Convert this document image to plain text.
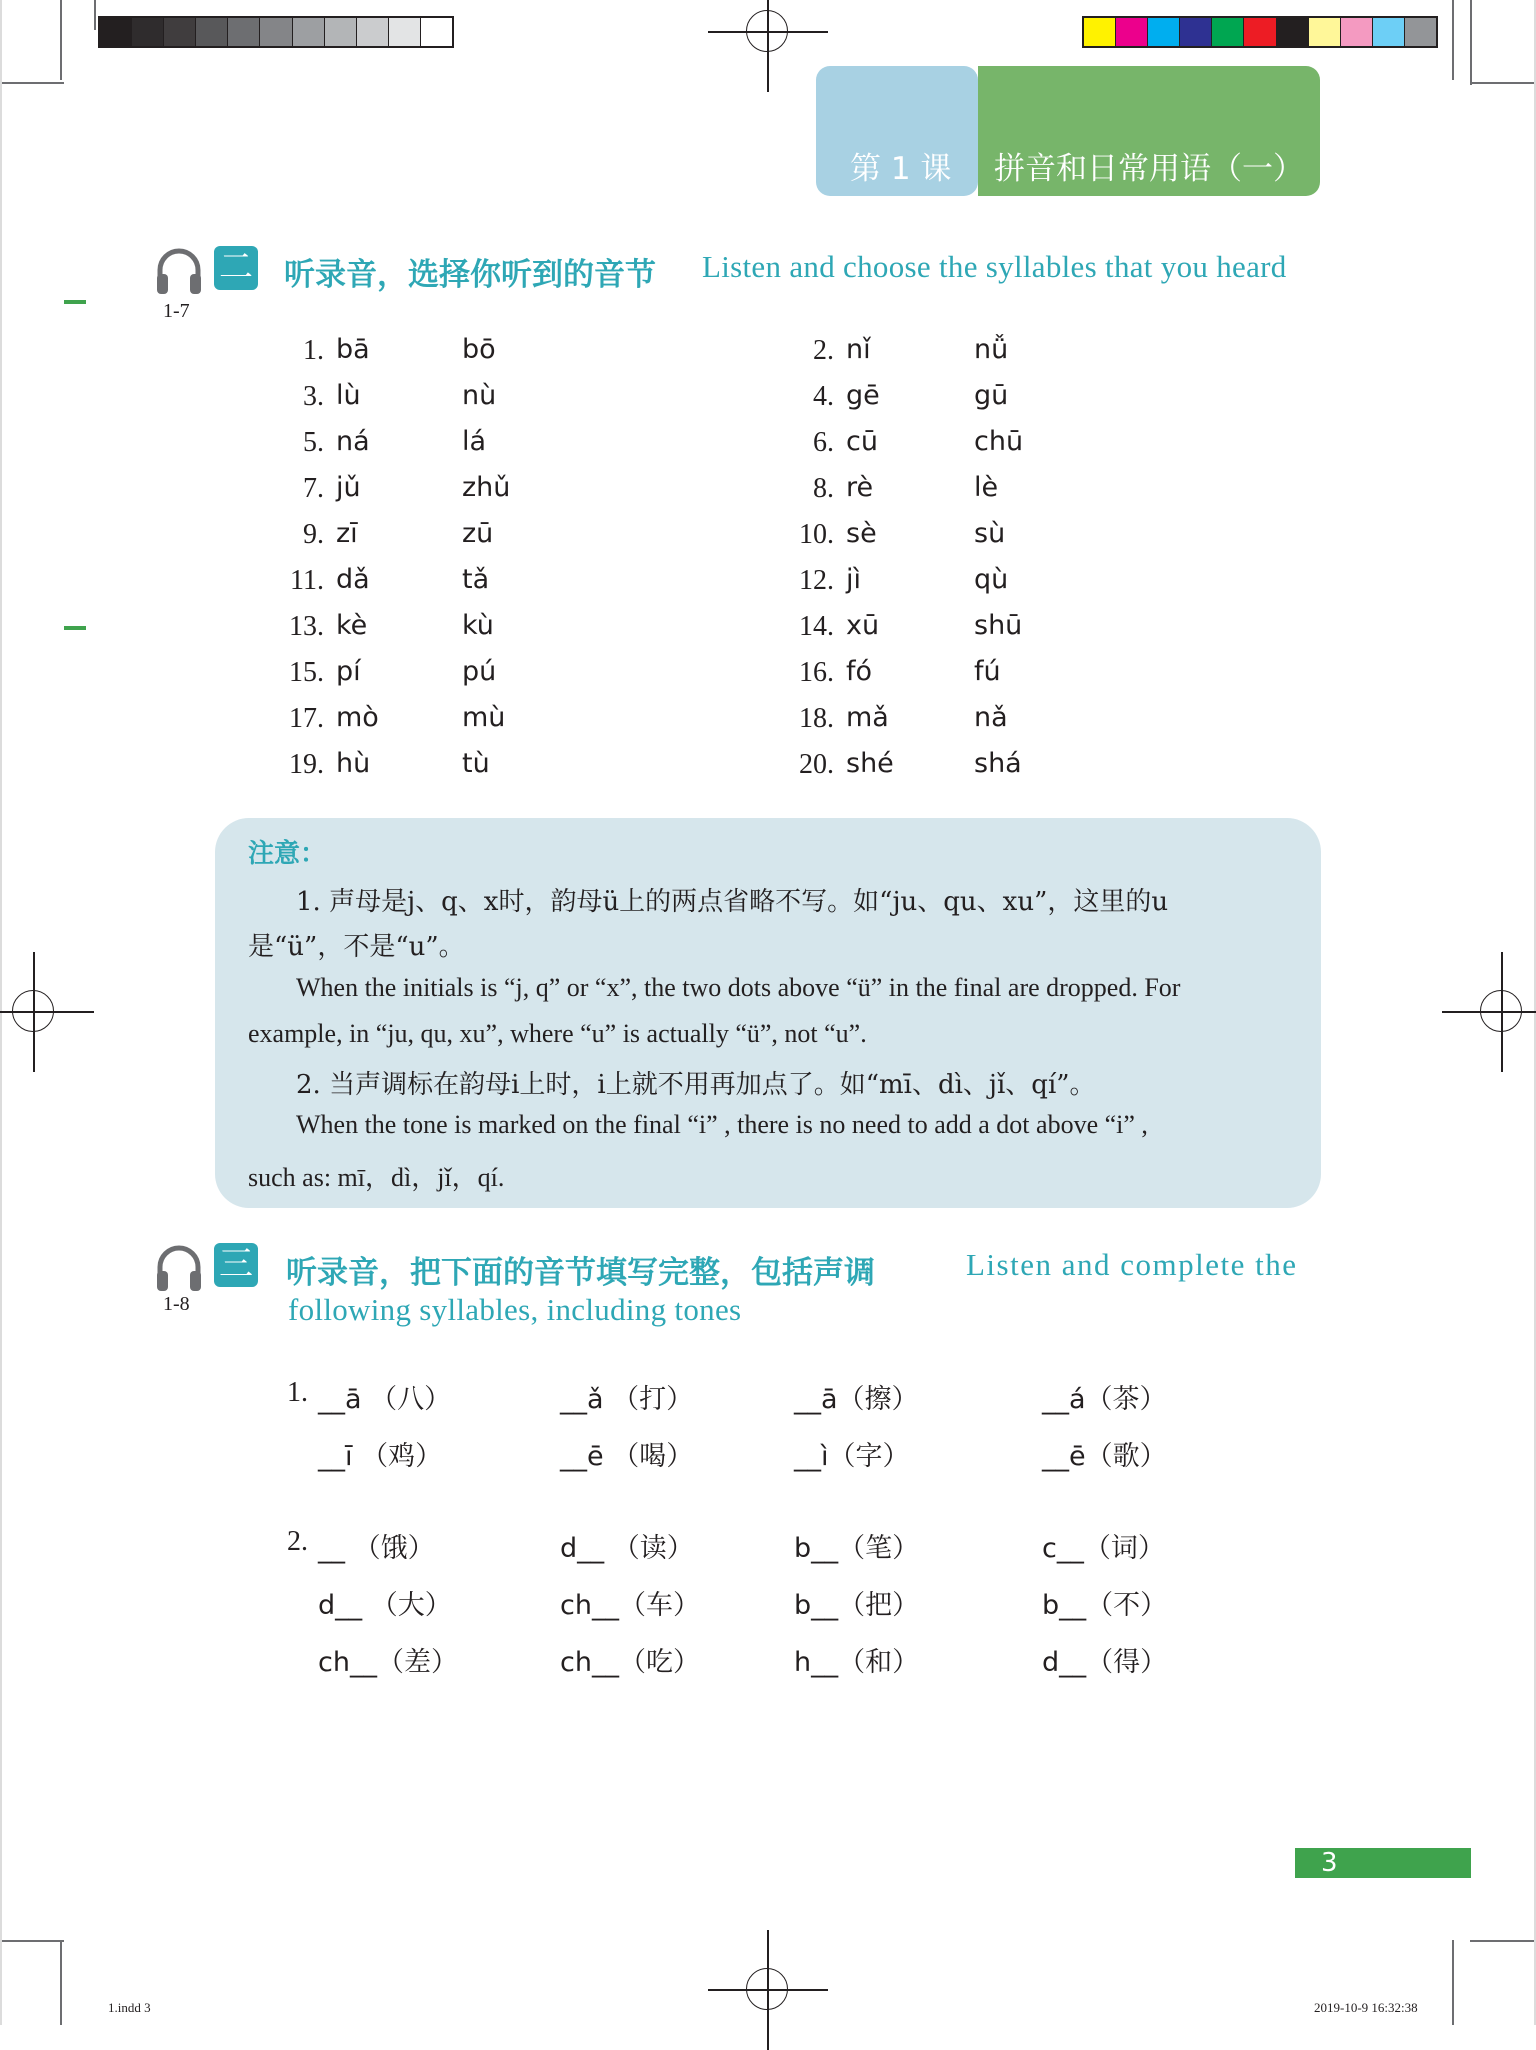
第 1 课 拼音和日常用语（一）
1-7
二 听录音，选择你听到的音节 Listen and choose the syllables that you heard
1. bā	bō	2. nǐ	nǚ
3. lù	nù	4. gē	gū
5. ná	lá	6. cū	chū
7. jǔ	zhǔ	8. rè	lè
9. zī	zū	10. sè	sù
11. dǎ	tǎ	12. jì	qù
13. kè	kù	14. xū	shū
15. pí	pú	16. fó	fú
17. mò	mù	18. mǎ	nǎ
19. hù	tù	20. shé	shá
注意：
1. 声母是j、q、x时，韵母ü上的两点省略不写。如“ju、qu、xu”，这里的u
是“ü”，不是“u”。
When the initials is “j, q” or “x”, the two dots above “ü” in the final are dropped. For
example, in “ju, qu, xu”, where “u” is actually “ü”, not “u”.
2. 当声调标在韵母i上时，i上就不用再加点了。如“mī、dì、jǐ、qí”。
When the tone is marked on the final “i” , there is no need to add a dot above “i” ,
such as: mī，dì，jǐ，qí.
1-8
三 听录音，把下面的音节填写完整，包括声调	Listen and complete the
following syllables, including tones
1.
2.
__ā （八）	__ǎ （打）	__ā（擦）	__á（茶）
__ī （鸡）	__ē （喝）	__ì（字）	__ē（歌）
__ （饿）	d__ （读）	b__（笔）	c__（词）
d__ （大）	ch__（车）	b__（把）	b__（不）
ch__（差）	ch__（吃）	h__（和）	d__（得）
3
1.indd 3	2019-10-9 16:32:38
